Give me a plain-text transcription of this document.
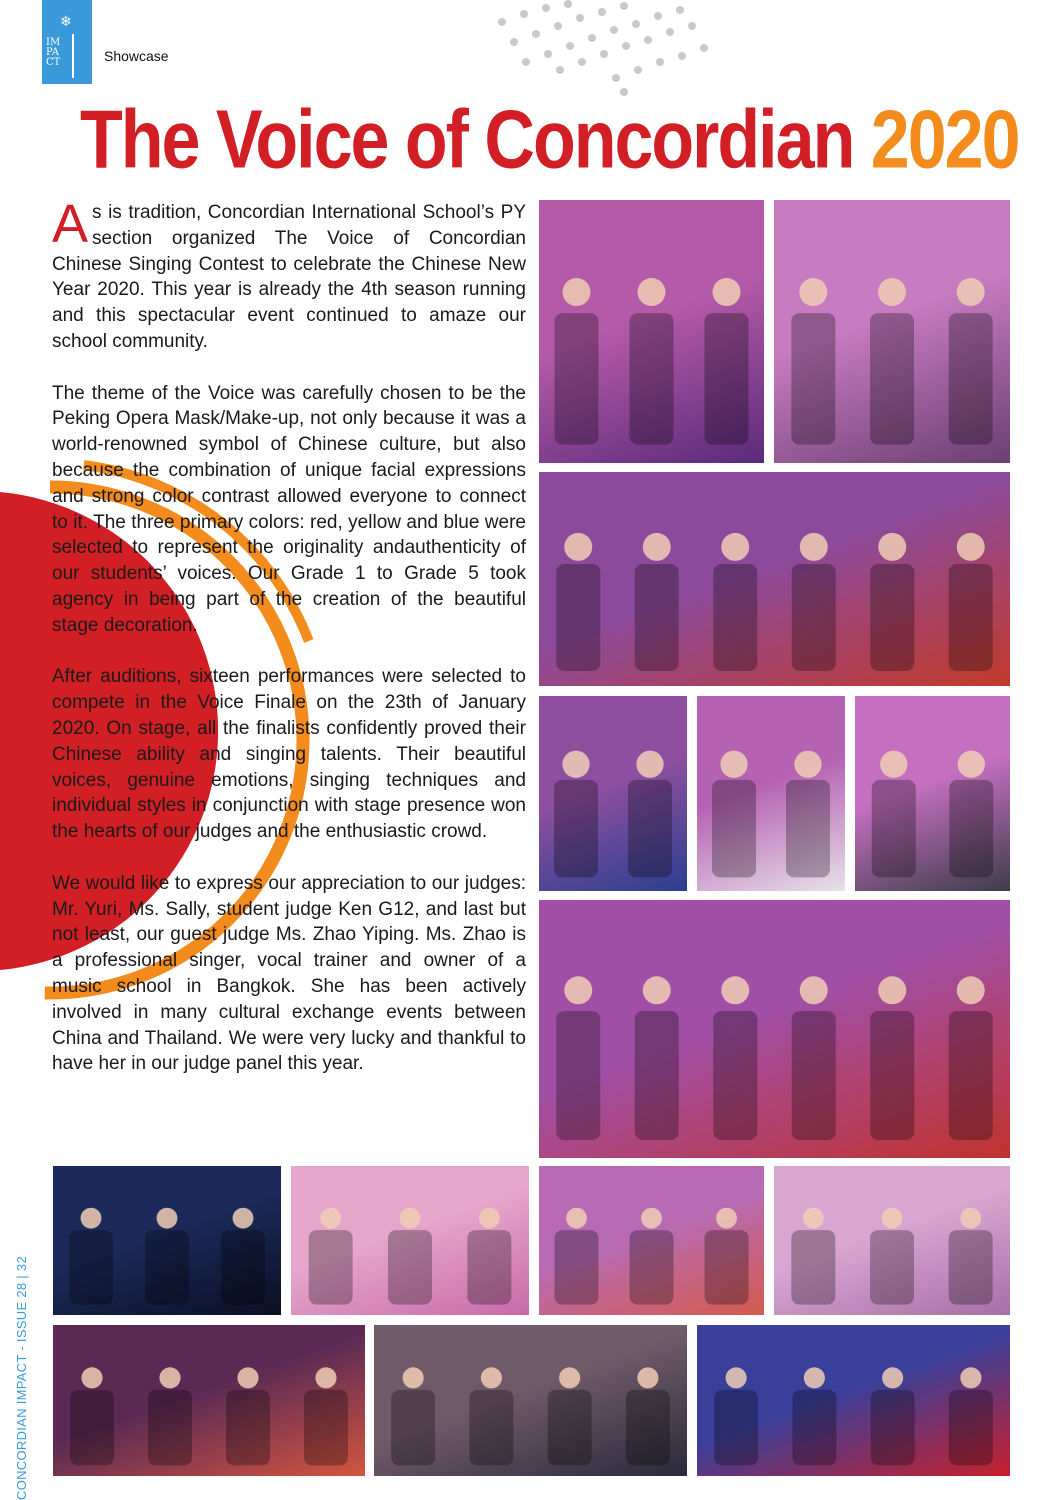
❄
IM PA CT	Showcase
The Voice of Concordian 2020

As is tradition, Concordian International School’s PY section organized The Voice of Concordian Chinese Singing Contest to celebrate the Chinese New Year 2020. This year is already the 4th season running and this spectacular event continued to amaze our school community.

The theme of the Voice was carefully chosen to be the Peking Opera Mask/Make-up, not only because it was a world-renowned symbol of Chinese culture, but also because the combination of unique facial expressions and strong color contrast allowed everyone to connect to it. The three primary colors: red, yellow and blue were selected to represent the originality andauthenticity of our students’ voices. Our Grade 1 to Grade 5 took agency in being part of the creation of the beautiful stage decoration.

After auditions, sixteen performances were selected to compete in the Voice Finale on the 23th of January 2020. On stage, all the finalists confidently proved their Chinese ability and singing talents. Their beautiful voices, genuine emotions, singing techniques and individual styles in conjunction with stage presence won the hearts of our judges and the enthusiastic crowd.

We would like to express our appreciation to our judges: Mr. Yuri, Ms. Sally, student judge Ken G12, and last but not least, our guest judge Ms. Zhao Yiping. Ms. Zhao is a professional singer, vocal trainer and owner of a music school in Bangkok. She has been actively involved in many cultural exchange events between China and Thailand. We were very lucky and thankful to have her in our judge panel this year.

CONCORDIAN IMPACT - ISSUE 28 | 32
